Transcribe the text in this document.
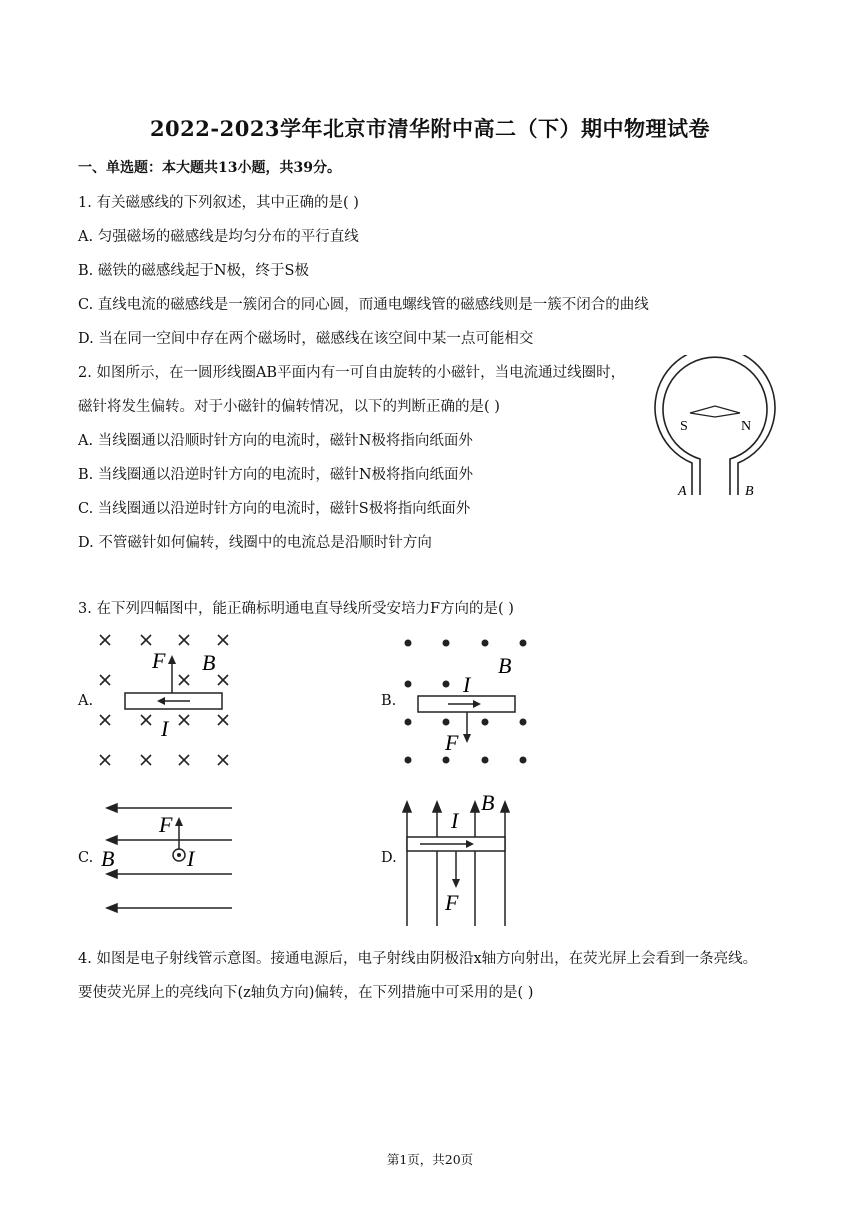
2022-2023学年北京市清华附中高二（下）期中物理试卷
一、单选题：本大题共13小题，共39分。
1. 有关磁感线的下列叙述，其中正确的是( )
A. 匀强磁场的磁感线是均匀分布的平行直线
B. 磁铁的磁感线起于N极，终于S极
C. 直线电流的磁感线是一簇闭合的同心圆，而通电螺线管的磁感线则是一簇不闭合的曲线
D. 当在同一空间中存在两个磁场时，磁感线在该空间中某一点可能相交
2. 如图所示，在一圆形线圈AB平面内有一可自由旋转的小磁针，当电流通过线圈时，
磁针将发生偏转。对于小磁针的偏转情况，以下的判断正确的是( )
A. 当线圈通以沿顺时针方向的电流时，磁针N极将指向纸面外
B. 当线圈通以沿逆时针方向的电流时，磁针N极将指向纸面外
C. 当线圈通以沿逆时针方向的电流时，磁针S极将指向纸面外
D. 不管磁针如何偏转，线圈中的电流总是沿顺时针方向
S	N
A	B
3. 在下列四幅图中，能正确标明通电直导线所受安培力F方向的是( )
A.	B.
C.	D.
F B
I
F
B
I
F
B	I
F
B
I
4. 如图是电子射线管示意图。接通电源后，电子射线由阴极沿x轴方向射出，在荧光屏上会看到一条亮线。
要使荧光屏上的亮线向下(z轴负方向)偏转，在下列措施中可采用的是( )
第1页，共20页
